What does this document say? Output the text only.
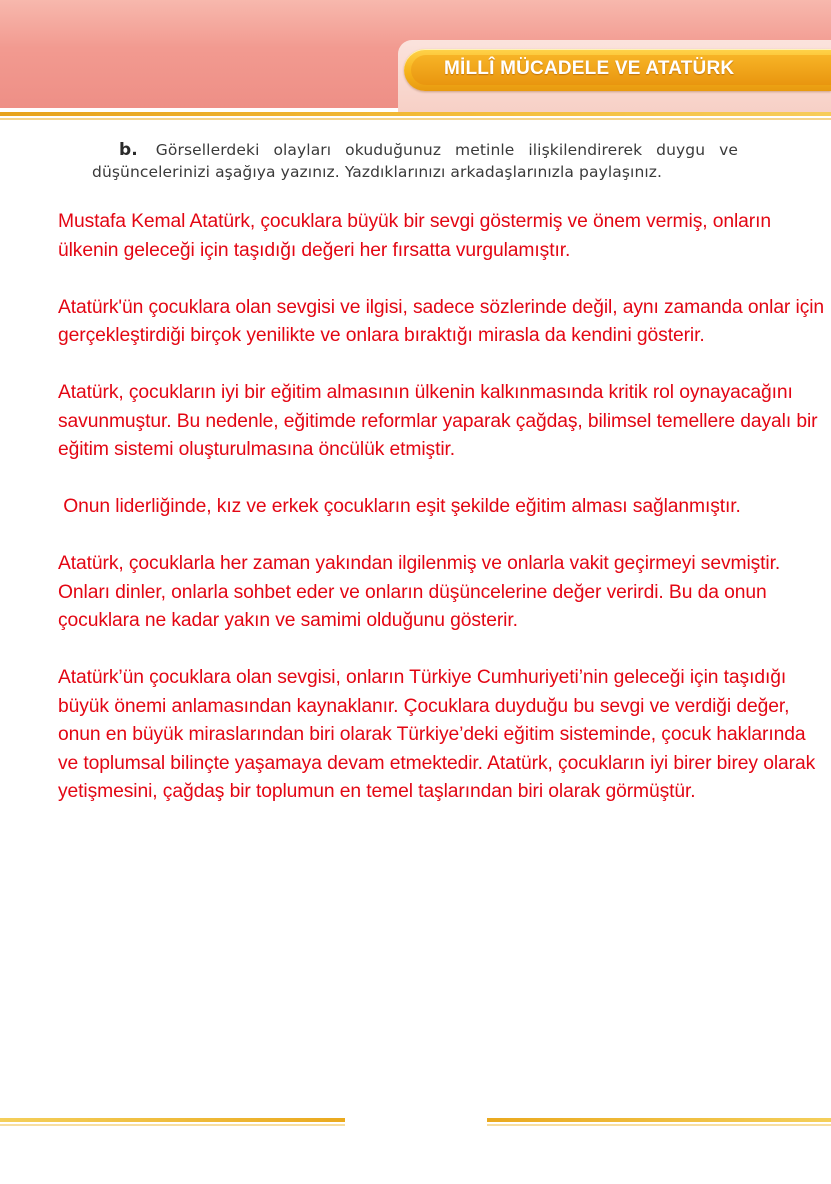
MİLLÎ MÜCADELE VE ATATÜRK
b. Görsellerdeki olayları okuduğunuz metinle ilişkilendirerek duygu ve düşüncelerinizi aşağıya yazınız. Yazdıklarınızı arkadaşlarınızla paylaşınız.

Mustafa Kemal Atatürk, çocuklara büyük bir sevgi göstermiş ve önem vermiş, onların ülkenin geleceği için taşıdığı değeri her fırsatta vurgulamıştır.

Atatürk'ün çocuklara olan sevgisi ve ilgisi, sadece sözlerinde değil, aynı zamanda onlar için gerçekleştirdiği birçok yenilikte ve onlara bıraktığı mirasla da kendini gösterir.

Atatürk, çocukların iyi bir eğitim almasının ülkenin kalkınmasında kritik rol oynayacağını savunmuştur. Bu nedenle, eğitimde reformlar yaparak çağdaş, bilimsel temellere dayalı bir eğitim sistemi oluşturulmasına öncülük etmiştir.

Onun liderliğinde, kız ve erkek çocukların eşit şekilde eğitim alması sağlanmıştır.

Atatürk, çocuklarla her zaman yakından ilgilenmiş ve onlarla vakit geçirmeyi sevmiştir. Onları dinler, onlarla sohbet eder ve onların düşüncelerine değer verirdi. Bu da onun çocuklara ne kadar yakın ve samimi olduğunu gösterir.

Atatürk’ün çocuklara olan sevgisi, onların Türkiye Cumhuriyeti’nin geleceği için taşıdığı büyük önemi anlamasından kaynaklanır. Çocuklara duyduğu bu sevgi ve verdiği değer, onun en büyük miraslarından biri olarak Türkiye’deki eğitim sisteminde, çocuk haklarında ve toplumsal bilinçte yaşamaya devam etmektedir. Atatürk, çocukların iyi birer birey olarak yetişmesini, çağdaş bir toplumun en temel taşlarından biri olarak görmüştür.
